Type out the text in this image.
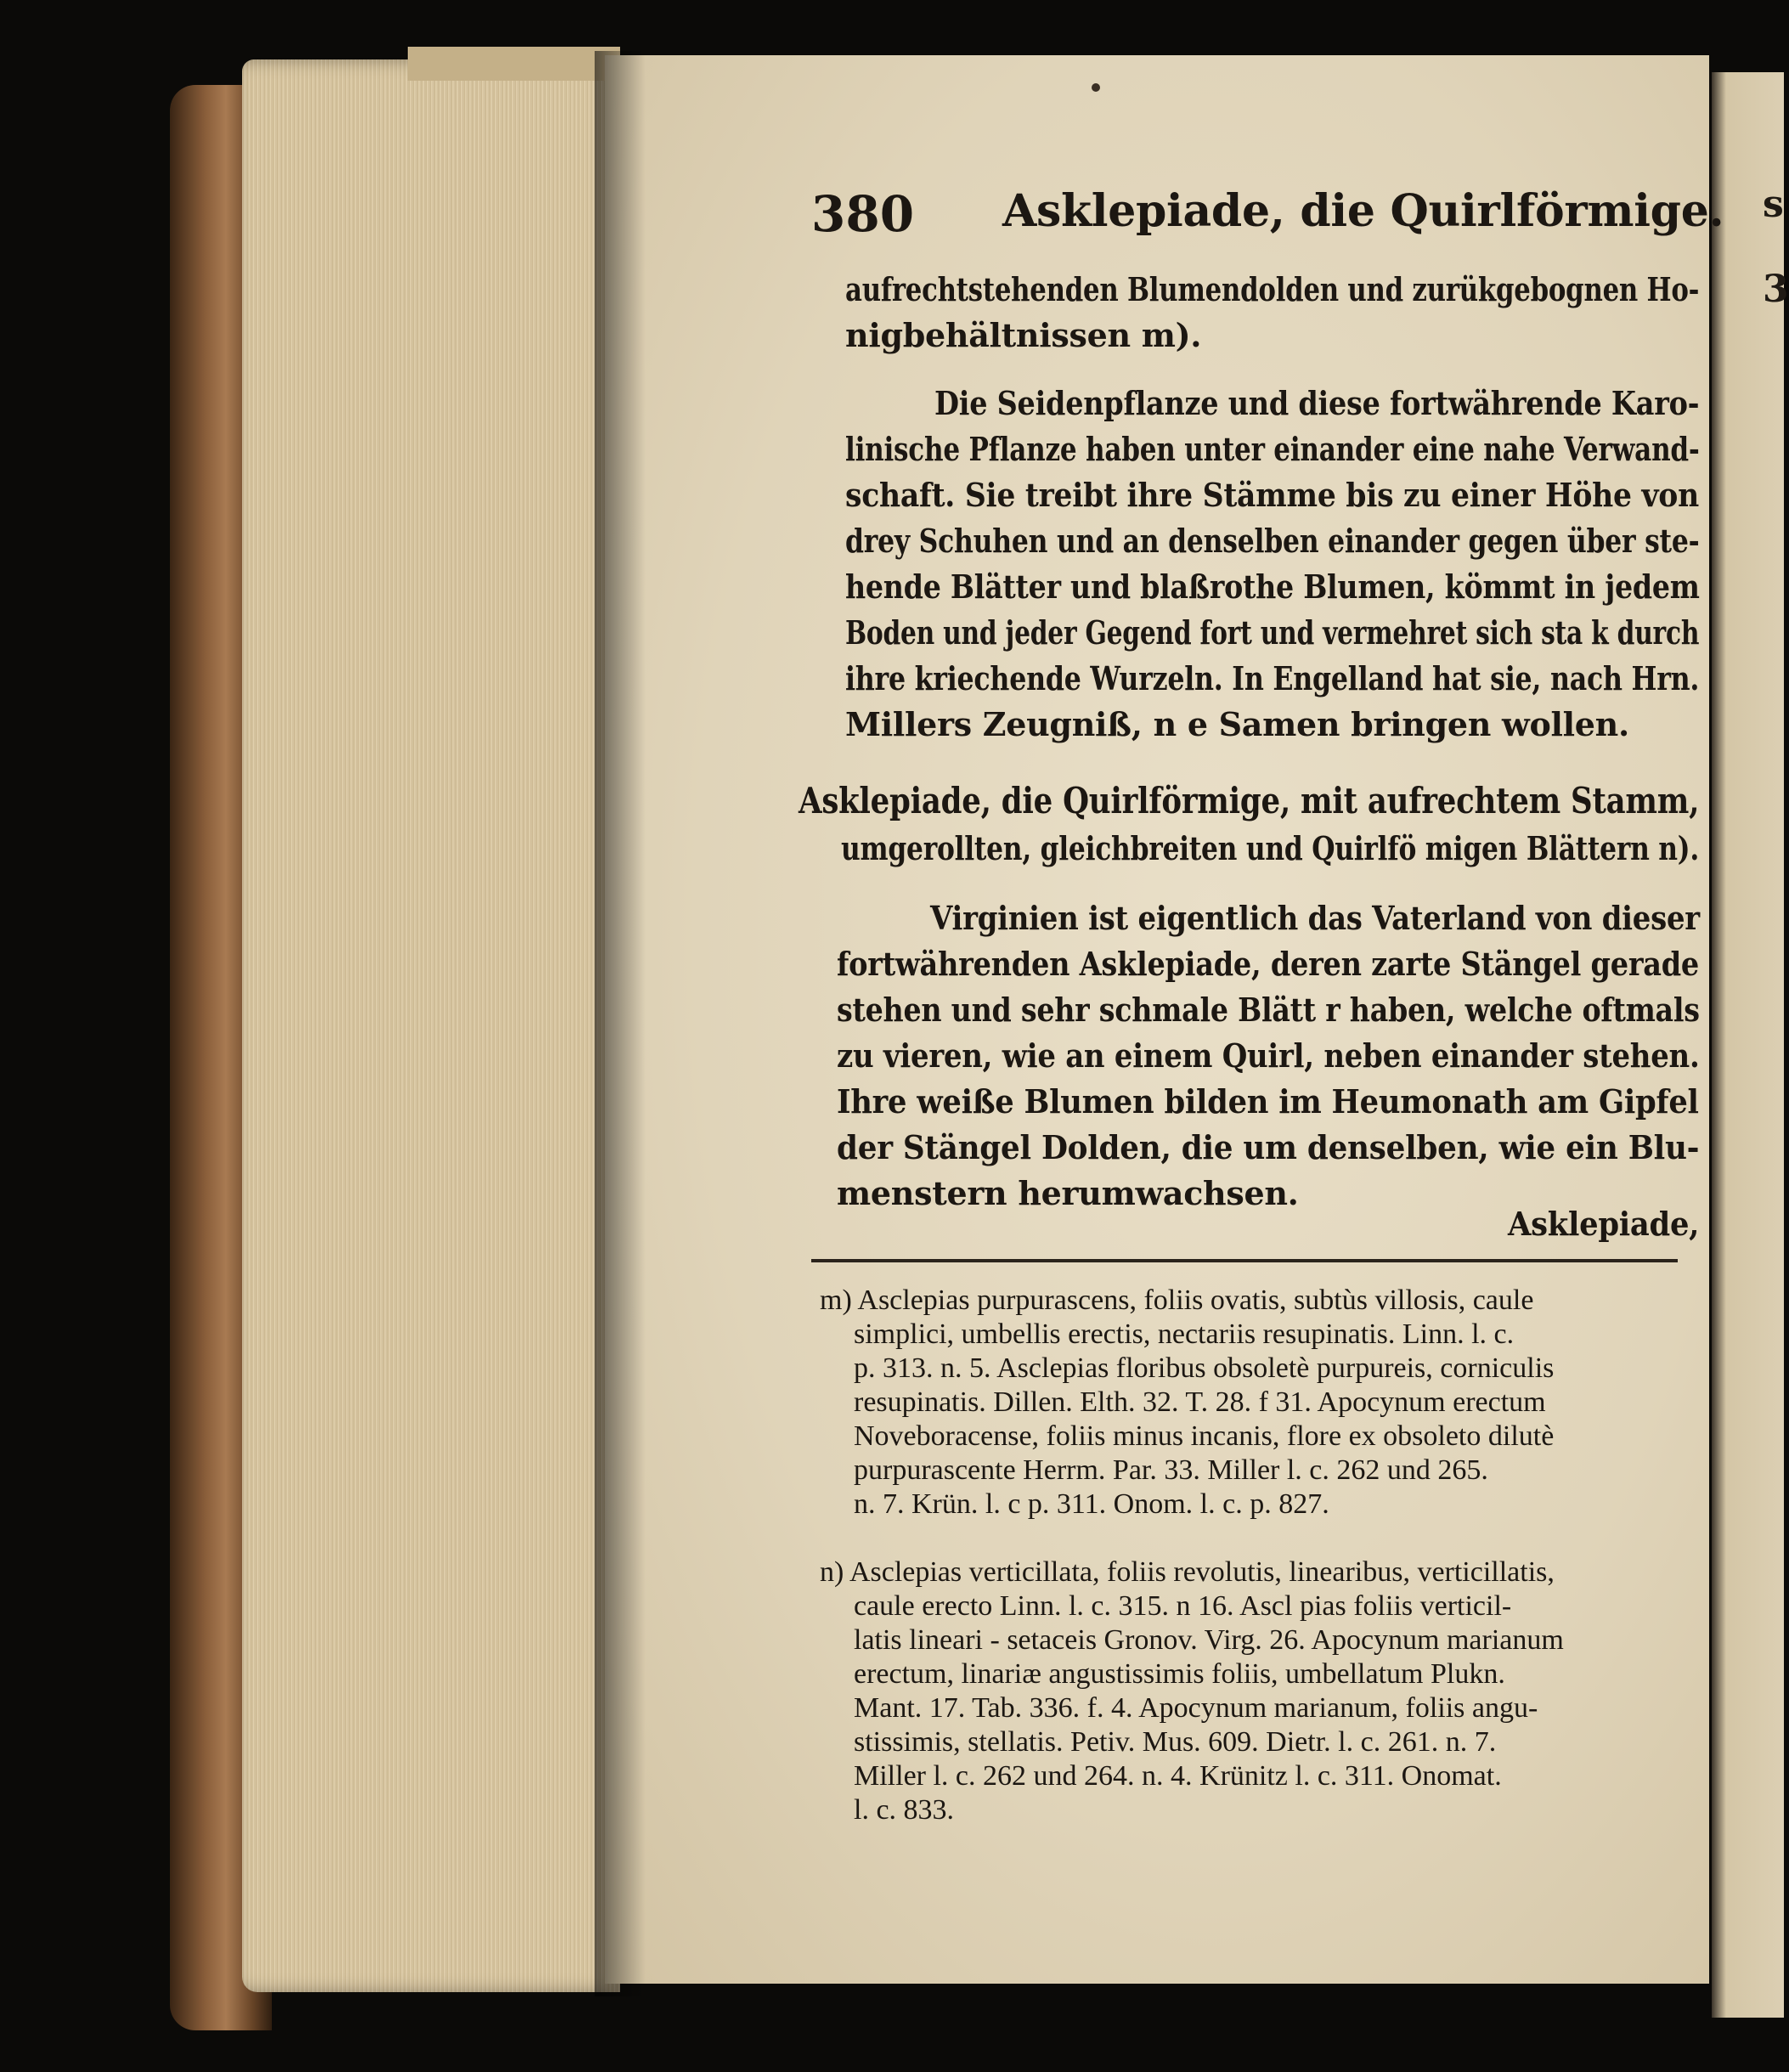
s
3
380 Asklepiade, die Quirlförmige.
aufrechtstehenden Blumendolden und zurükgebognen Ho-
nigbehältnissen m).
Die Seidenpflanze und diese fortwährende Karo-
linische Pflanze haben unter einander eine nahe Verwand-
schaft. Sie treibt ihre Stämme bis zu einer Höhe von
drey Schuhen und an denselben einander gegen über ste-
hende Blätter und blaßrothe Blumen, kömmt in jedem
Boden und jeder Gegend fort und vermehret sich sta k durch
ihre kriechende Wurzeln. In Engelland hat sie, nach Hrn.
Millers Zeugniß, n e Samen bringen wollen.
Asklepiade, die Quirlförmige, mit aufrechtem Stamm,
umgerollten, gleichbreiten und Quirlfö migen Blättern n).
Virginien ist eigentlich das Vaterland von dieser
fortwährenden Asklepiade, deren zarte Stängel gerade
stehen und sehr schmale Blätt r haben, welche oftmals
zu vieren, wie an einem Quirl, neben einander stehen.
Ihre weiße Blumen bilden im Heumonath am Gipfel
der Stängel Dolden, die um denselben, wie ein Blu-
menstern herumwachsen.
Asklepiade,
m) Asclepias purpurascens, foliis ovatis, subtùs villosis, caule
simplici, umbellis erectis, nectariis resupinatis. Linn. l. c.
p. 313. n. 5. Asclepias floribus obsoletè purpureis, corniculis
resupinatis. Dillen. Elth. 32. T. 28. f 31. Apocynum erectum
Noveboracense, foliis minus incanis, flore ex obsoleto dilutè
purpurascente Herrm. Par. 33. Miller l. c. 262 und 265.
n. 7. Krün. l. c p. 311. Onom. l. c. p. 827.
n) Asclepias verticillata, foliis revolutis, linearibus, verticillatis,
caule erecto Linn. l. c. 315. n 16. Ascl pias foliis verticil-
latis lineari - setaceis Gronov. Virg. 26. Apocynum marianum
erectum, linariæ angustissimis foliis, umbellatum Plukn.
Mant. 17. Tab. 336. f. 4. Apocynum marianum, foliis angu-
stissimis, stellatis. Petiv. Mus. 609. Dietr. l. c. 261. n. 7.
Miller l. c. 262 und 264. n. 4. Krünitz l. c. 311. Onomat.
l. c. 833.
